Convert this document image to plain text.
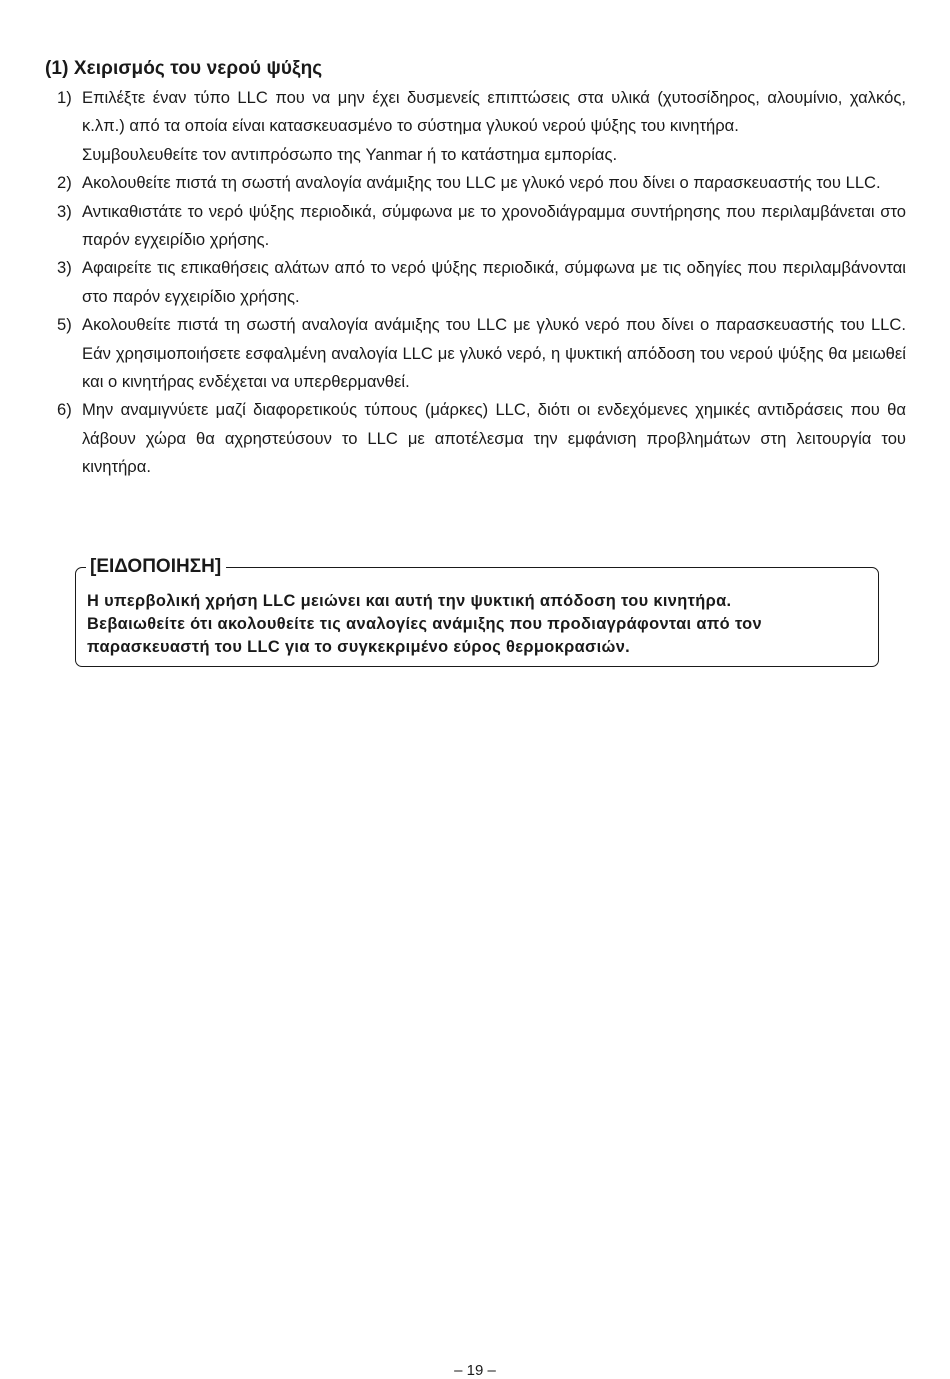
(1) Χειρισμός του νερού ψύξης
1) Επιλέξτε έναν τύπο LLC που να μην έχει δυσμενείς επιπτώσεις στα υλικά (χυτοσίδηρος, αλουμίνιο, χαλκός, κ.λπ.) από τα οποία είναι κατασκευασμένο το σύστημα γλυκού νερού ψύξης του κινητήρα.
Συμβουλευθείτε τον αντιπρόσωπο της Yanmar ή το κατάστημα εμπορίας.
2) Ακολουθείτε πιστά τη σωστή αναλογία ανάμιξης του LLC με γλυκό νερό που δίνει ο παρασκευαστής του LLC.
3) Αντικαθιστάτε το νερό ψύξης περιοδικά, σύμφωνα με το χρονοδιάγραμμα συντήρησης που περιλαμβάνεται στο παρόν εγχειρίδιο χρήσης.
3) Αφαιρείτε τις επικαθήσεις αλάτων από το νερό ψύξης περιοδικά, σύμφωνα με τις οδηγίες που περιλαμβάνονται στο παρόν εγχειρίδιο χρήσης.
5) Ακολουθείτε πιστά τη σωστή αναλογία ανάμιξης του LLC με γλυκό νερό που δίνει ο παρασκευαστής του LLC. Εάν χρησιμοποιήσετε εσφαλμένη αναλογία LLC με γλυκό νερό, η ψυκτική απόδοση του νερού ψύξης θα μειωθεί και ο κινητήρας ενδέχεται να υπερθερμανθεί.
6) Μην αναμιγνύετε μαζί διαφορετικούς τύπους (μάρκες) LLC, διότι οι ενδεχόμενες χημικές αντιδράσεις που θα λάβουν χώρα θα αχρηστεύσουν το LLC με αποτέλεσμα την εμφάνιση προβλημάτων στη λειτουργία του κινητήρα.
[ΕΙΔΟΠΟΙΗΣΗ]
Η υπερβολική χρήση LLC μειώνει και αυτή την ψυκτική απόδοση του κινητήρα.
Βεβαιωθείτε ότι ακολουθείτε τις αναλογίες ανάμιξης που προδιαγράφονται από τον
παρασκευαστή του LLC για το συγκεκριμένο εύρος θερμοκρασιών.
– 19 –
